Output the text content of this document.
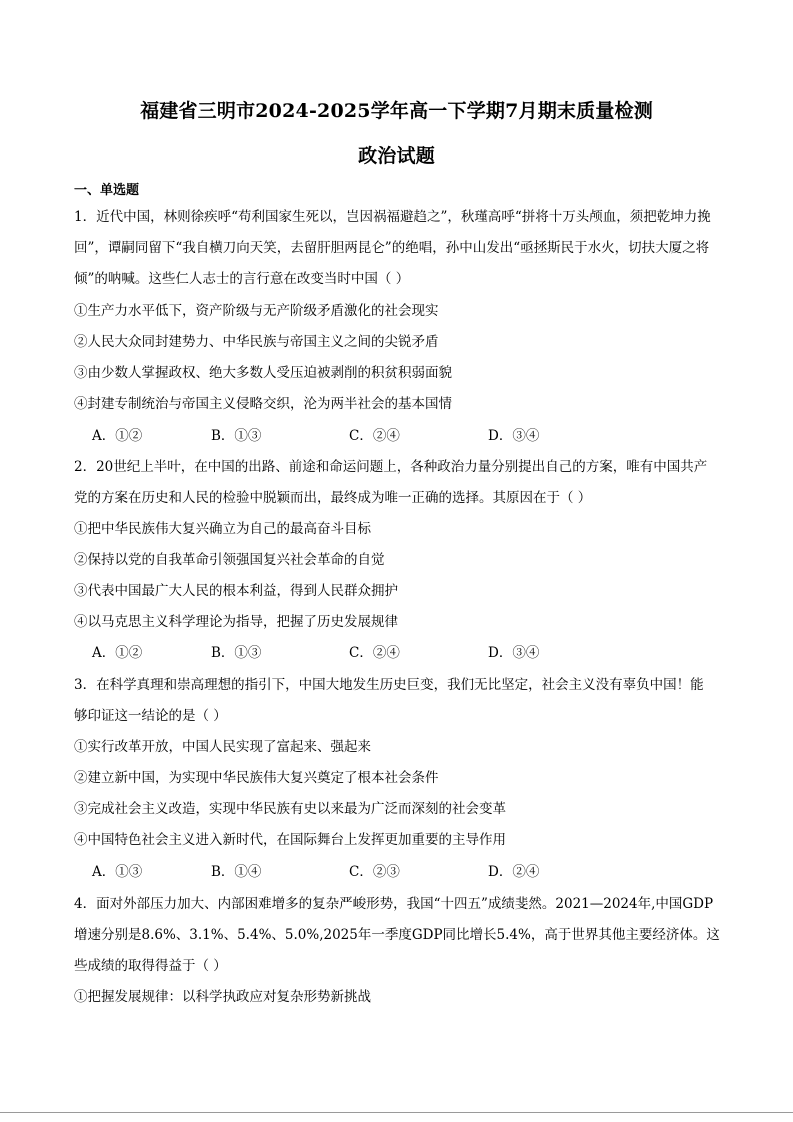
福建省三明市2024-2025学年高一下学期7月期末质量检测
政治试题
一、单选题
1．近代中国，林则徐疾呼“苟利国家生死以，岂因祸福避趋之”，秋瑾高呼“拼将十万头颅血，须把乾坤力挽
回”，谭嗣同留下“我自横刀向天笑，去留肝胆两昆仑”的绝唱，孙中山发出“亟拯斯民于水火，切扶大厦之将
倾”的呐喊。这些仁人志士的言行意在改变当时中国（ ）
①生产力水平低下，资产阶级与无产阶级矛盾激化的社会现实
②人民大众同封建势力、中华民族与帝国主义之间的尖锐矛盾
③由少数人掌握政权、绝大多数人受压迫被剥削的积贫积弱面貌
④封建专制统治与帝国主义侵略交织，沦为两半社会的基本国情
A．①②	B．①③	C．②④	D．③④
2．20世纪上半叶，在中国的出路、前途和命运问题上，各种政治力量分别提出自己的方案，唯有中国共产
党的方案在历史和人民的检验中脱颖而出，最终成为唯一正确的选择。其原因在于（ ）
①把中华民族伟大复兴确立为自己的最高奋斗目标
②保持以党的自我革命引领强国复兴社会革命的自觉
③代表中国最广大人民的根本利益，得到人民群众拥护
④以马克思主义科学理论为指导，把握了历史发展规律
A．①②	B．①③	C．②④	D．③④
3．在科学真理和崇高理想的指引下，中国大地发生历史巨变，我们无比坚定，社会主义没有辜负中国！能
够印证这一结论的是（ ）
①实行改革开放，中国人民实现了富起来、强起来
②建立新中国，为实现中华民族伟大复兴奠定了根本社会条件
③完成社会主义改造，实现中华民族有史以来最为广泛而深刻的社会变革
④中国特色社会主义进入新时代，在国际舞台上发挥更加重要的主导作用
A．①③	B．①④	C．②③	D．②④
4．面对外部压力加大、内部困难增多的复杂严峻形势，我国“十四五”成绩斐然。2021—2024年,中国GDP
增速分别是8.6%、3.1%、5.4%、5.0%,2025年一季度GDP同比增长5.4%，高于世界其他主要经济体。这
些成绩的取得得益于（ ）
①把握发展规律：以科学执政应对复杂形势新挑战
